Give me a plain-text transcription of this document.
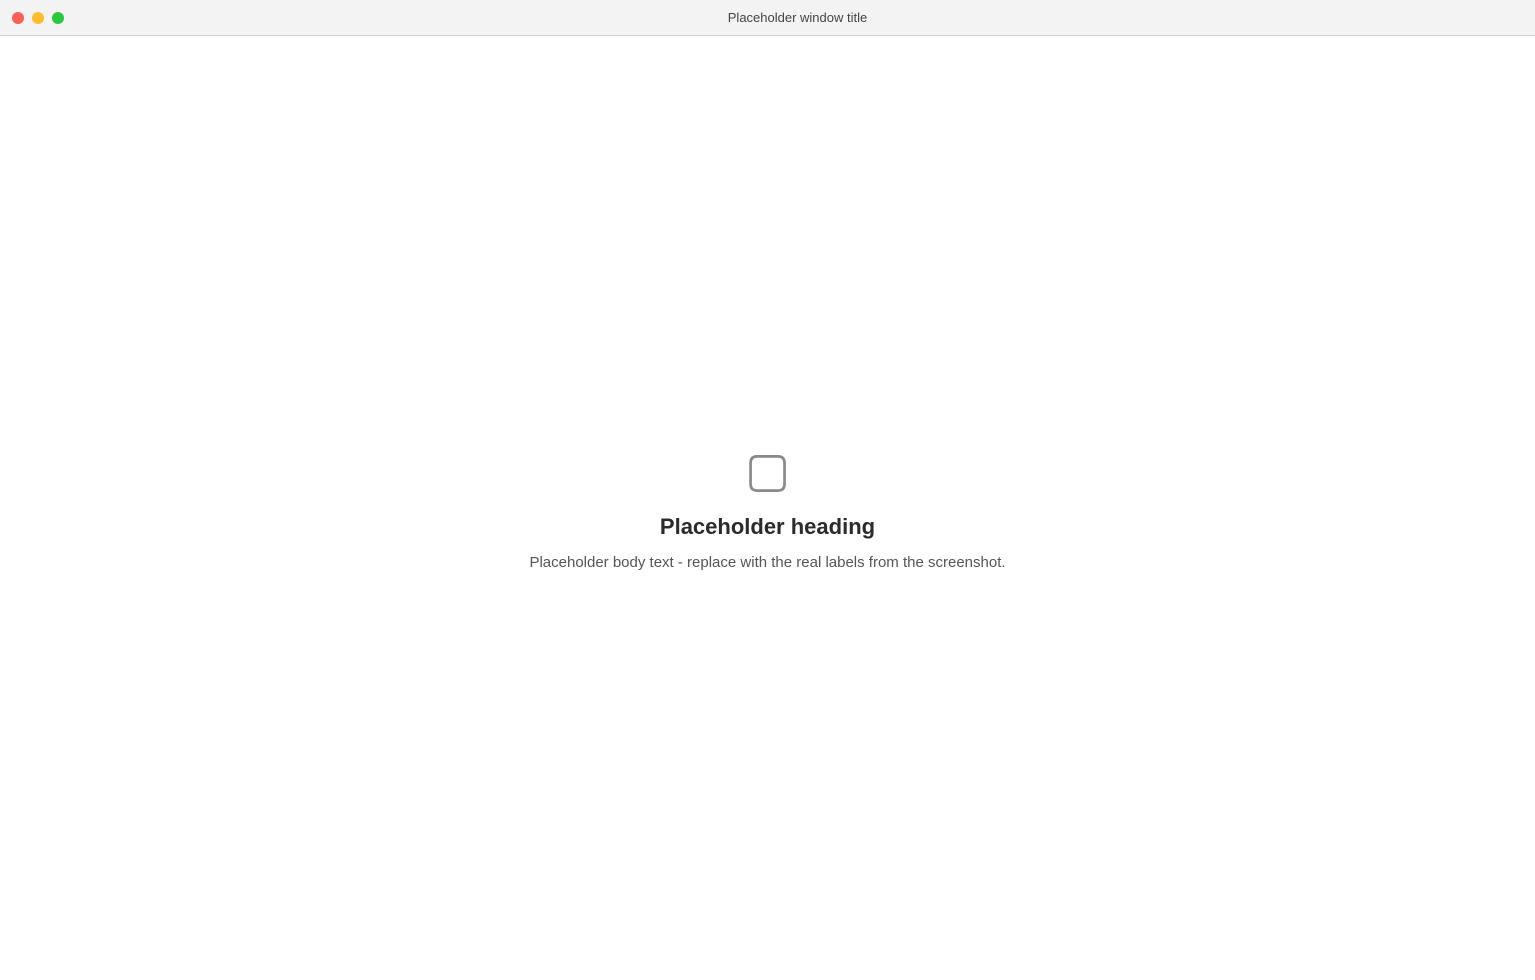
Placeholder window title
▢
Placeholder heading

Placeholder body text - replace with the real labels from the screenshot.
